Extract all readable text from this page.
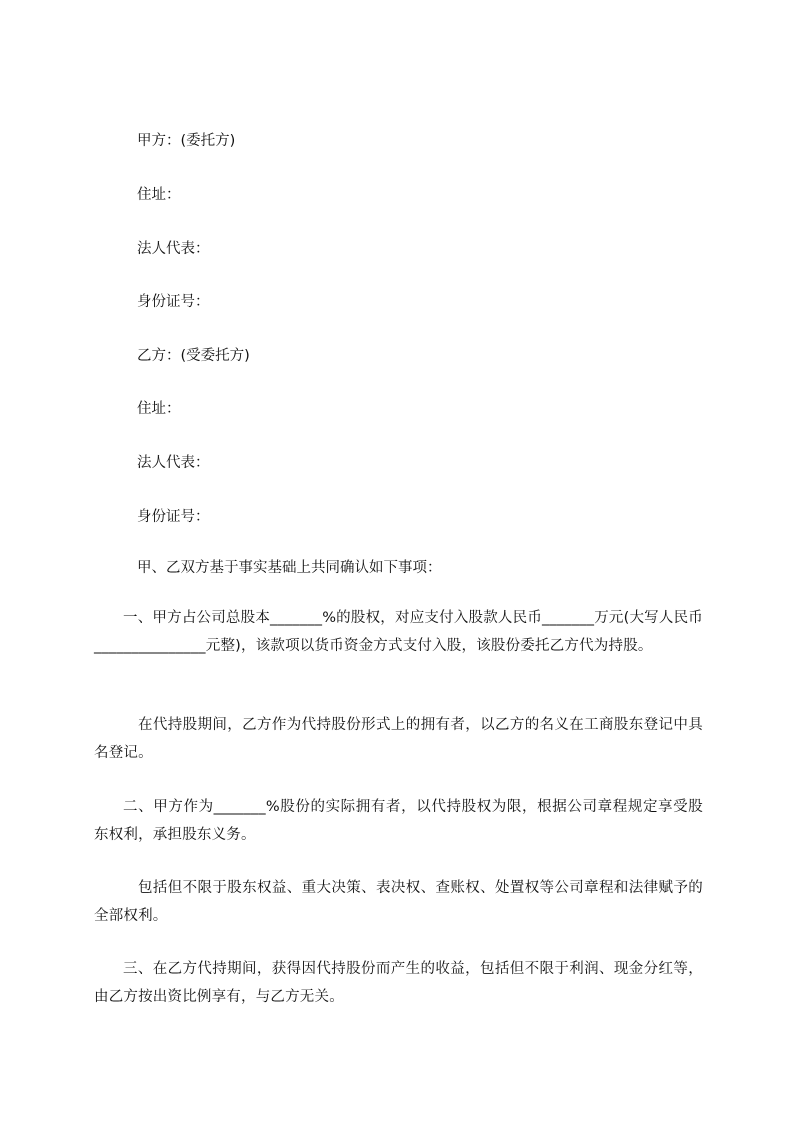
甲方：(委托方)
住址：
法人代表：
身份证号：
乙方：(受委托方)
住址：
法人代表：
身份证号：
甲、乙双方基于事实基础上共同确认如下事项：
一、甲方占公司总股本_______%的股权，对应支付入股款人民币_______万元(大写人民币_______________元整)，该款项以货币资金方式支付入股，该股份委托乙方代为持股。
在代持股期间，乙方作为代持股份形式上的拥有者，以乙方的名义在工商股东登记中具名登记。
二、甲方作为_______%股份的实际拥有者，以代持股权为限，根据公司章程规定享受股东权利，承担股东义务。
包括但不限于股东权益、重大决策、表决权、查账权、处置权等公司章程和法律赋予的全部权利。
三、在乙方代持期间，获得因代持股份而产生的收益，包括但不限于利润、现金分红等，由乙方按出资比例享有，与乙方无关。
